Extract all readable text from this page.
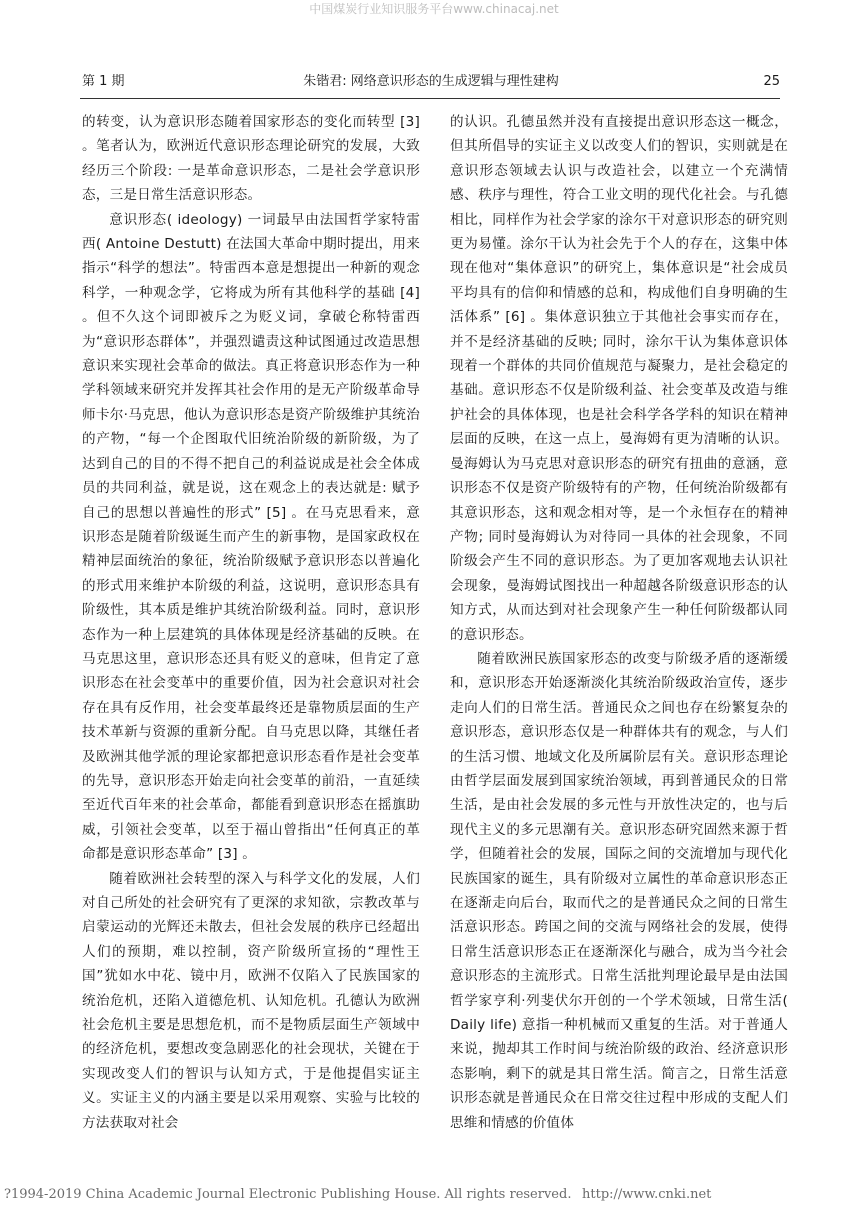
中国煤炭行业知识服务平台www.chinacaj.net
第 1 期	朱锴君: 网络意识形态的生成逻辑与理性建构	25

的转变，认为意识形态随着国家形态的变化而转型 [3] 。笔者认为，欧洲近代意识形态理论研究的发展，大致经历三个阶段: 一是革命意识形态，二是社会学意识形态，三是日常生活意识形态。

意识形态( ideology) 一词最早由法国哲学家特雷西( Antoine Destutt) 在法国大革命中期时提出，用来指示“科学的想法”。特雷西本意是想提出一种新的观念科学，一种观念学，它将成为所有其他科学的基础 [4] 。但不久这个词即被斥之为贬义词，拿破仑称特雷西为“意识形态群体”，并强烈谴责这种试图通过改造思想意识来实现社会革命的做法。真正将意识形态作为一种学科领域来研究并发挥其社会作用的是无产阶级革命导师卡尔·马克思，他认为意识形态是资产阶级维护其统治的产物，“每一个企图取代旧统治阶级的新阶级，为了达到自己的目的不得不把自己的利益说成是社会全体成员的共同利益，就是说，这在观念上的表达就是: 赋予自己的思想以普遍性的形式” [5] 。在马克思看来，意识形态是随着阶级诞生而产生的新事物，是国家政权在精神层面统治的象征，统治阶级赋予意识形态以普遍化的形式用来维护本阶级的利益，这说明，意识形态具有阶级性，其本质是维护其统治阶级利益。同时，意识形态作为一种上层建筑的具体体现是经济基础的反映。在马克思这里，意识形态还具有贬义的意味，但肯定了意识形态在社会变革中的重要价值，因为社会意识对社会存在具有反作用，社会变革最终还是靠物质层面的生产技术革新与资源的重新分配。自马克思以降，其继任者及欧洲其他学派的理论家都把意识形态看作是社会变革的先导，意识形态开始走向社会变革的前沿，一直延续至近代百年来的社会革命，都能看到意识形态在摇旗助威，引领社会变革，以至于福山曾指出“任何真正的革命都是意识形态革命” [3] 。

随着欧洲社会转型的深入与科学文化的发展，人们对自己所处的社会研究有了更深的求知欲，宗教改革与启蒙运动的光辉还未散去，但社会发展的秩序已经超出人们的预期，难以控制，资产阶级所宣扬的“理性王国”犹如水中花、镜中月，欧洲不仅陷入了民族国家的统治危机，还陷入道德危机、认知危机。孔德认为欧洲社会危机主要是思想危机，而不是物质层面生产领域中的经济危机，要想改变急剧恶化的社会现状，关键在于实现改变人们的智识与认知方式，于是他提倡实证主义。实证主义的内涵主要是以采用观察、实验与比较的方法获取对社会

的认识。孔德虽然并没有直接提出意识形态这一概念，但其所倡导的实证主义以改变人们的智识，实则就是在意识形态领域去认识与改造社会，以建立一个充满情感、秩序与理性，符合工业文明的现代化社会。与孔德相比，同样作为社会学家的涂尔干对意识形态的研究则更为易懂。涂尔干认为社会先于个人的存在，这集中体现在他对“集体意识”的研究上，集体意识是“社会成员平均具有的信仰和情感的总和，构成他们自身明确的生活体系” [6] 。集体意识独立于其他社会事实而存在，并不是经济基础的反映; 同时，涂尔干认为集体意识体现着一个群体的共同价值规范与凝聚力，是社会稳定的基础。意识形态不仅是阶级利益、社会变革及改造与维护社会的具体体现，也是社会科学各学科的知识在精神层面的反映，在这一点上，曼海姆有更为清晰的认识。曼海姆认为马克思对意识形态的研究有扭曲的意涵，意识形态不仅是资产阶级特有的产物，任何统治阶级都有其意识形态，这和观念相对等，是一个永恒存在的精神产物; 同时曼海姆认为对待同一具体的社会现象，不同阶级会产生不同的意识形态。为了更加客观地去认识社会现象，曼海姆试图找出一种超越各阶级意识形态的认知方式，从而达到对社会现象产生一种任何阶级都认同的意识形态。

随着欧洲民族国家形态的改变与阶级矛盾的逐渐缓和，意识形态开始逐渐淡化其统治阶级政治宣传，逐步走向人们的日常生活。普通民众之间也存在纷繁复杂的意识形态，意识形态仅是一种群体共有的观念，与人们的生活习惯、地域文化及所属阶层有关。意识形态理论由哲学层面发展到国家统治领域，再到普通民众的日常生活，是由社会发展的多元性与开放性决定的，也与后现代主义的多元思潮有关。意识形态研究固然来源于哲学，但随着社会的发展，国际之间的交流增加与现代化民族国家的诞生，具有阶级对立属性的革命意识形态正在逐渐走向后台，取而代之的是普通民众之间的日常生活意识形态。跨国之间的交流与网络社会的发展，使得日常生活意识形态正在逐渐深化与融合，成为当今社会意识形态的主流形式。日常生活批判理论最早是由法国哲学家亨利·列斐伏尔开创的一个学术领域，日常生活( Daily life) 意指一种机械而又重复的生活。对于普通人来说，抛却其工作时间与统治阶级的政治、经济意识形态影响，剩下的就是其日常生活。简言之，日常生活意识形态就是普通民众在日常交往过程中形成的支配人们思维和情感的价值体

?1994-2019 China Academic Journal Electronic Publishing House. All rights reserved. http://www.cnki.net
